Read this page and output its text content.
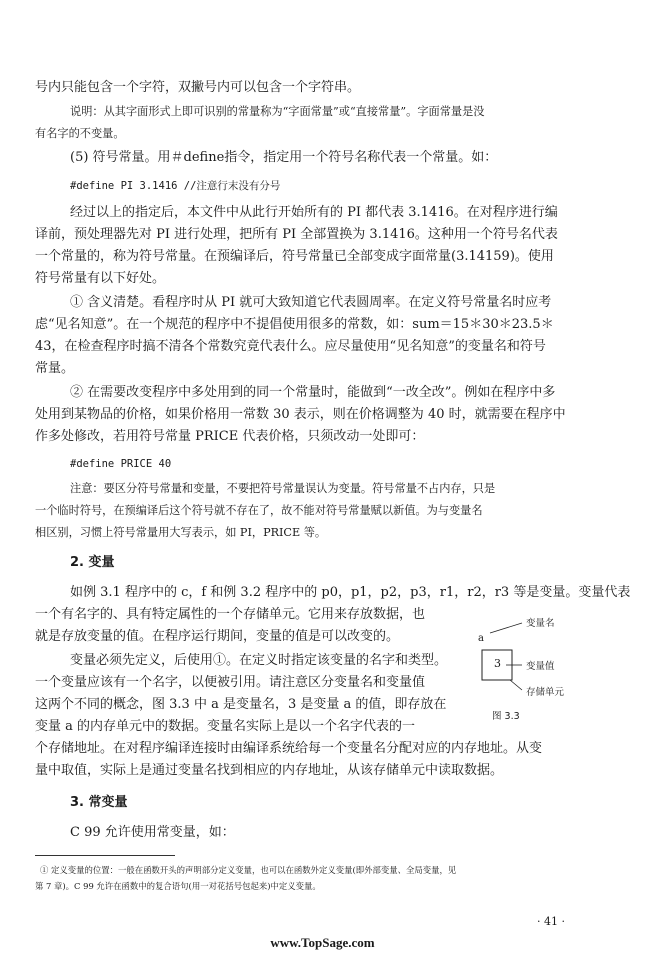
号内只能包含一个字符，双撇号内可以包含一个字符串。
说明：从其字面形式上即可识别的常量称为“字面常量”或“直接常量”。字面常量是没
有名字的不变量。
(5) 符号常量。用＃define指令，指定用一个符号名称代表一个常量。如：
#define PI 3.1416 //注意行末没有分号
经过以上的指定后，本文件中从此行开始所有的 PI 都代表 3.1416。在对程序进行编
译前，预处理器先对 PI 进行处理，把所有 PI 全部置换为 3.1416。这种用一个符号名代表
一个常量的，称为符号常量。在预编译后，符号常量已全部变成字面常量(3.14159)。使用
符号常量有以下好处。
① 含义清楚。看程序时从 PI 就可大致知道它代表圆周率。在定义符号常量名时应考
虑“见名知意”。在一个规范的程序中不提倡使用很多的常数，如：sum＝15＊30＊23.5＊
43，在检查程序时搞不清各个常数究竟代表什么。应尽量使用“见名知意”的变量名和符号
常量。
② 在需要改变程序中多处用到的同一个常量时，能做到“一改全改”。例如在程序中多
处用到某物品的价格，如果价格用一常数 30 表示，则在价格调整为 40 时，就需要在程序中
作多处修改，若用符号常量 PRICE 代表价格，只须改动一处即可：
#define PRICE 40
注意：要区分符号常量和变量，不要把符号常量误认为变量。符号常量不占内存，只是
一个临时符号，在预编译后这个符号就不存在了，故不能对符号常量赋以新值。为与变量名
相区别，习惯上符号常量用大写表示，如 PI，PRICE 等。
2. 变量
如例 3.1 程序中的 c，f 和例 3.2 程序中的 p0，p1，p2，p3，r1，r2，r3 等是变量。变量代表
一个有名字的、具有特定属性的一个存储单元。它用来存放数据，也
就是存放变量的值。在程序运行期间，变量的值是可以改变的。
变量必须先定义，后使用①。在定义时指定该变量的名字和类型。
一个变量应该有一个名字，以便被引用。请注意区分变量名和变量值
这两个不同的概念，图 3.3 中 a 是变量名，3 是变量 a 的值，即存放在
变量 a 的内存单元中的数据。变量名实际上是以一个名字代表的一
个存储地址。在对程序编译连接时由编译系统给每一个变量名分配对应的内存地址。从变
量中取值，实际上是通过变量名找到相应的内存地址，从该存储单元中读取数据。
3. 常变量
C 99 允许使用常变量，如：
① 定义变量的位置：一般在函数开头的声明部分定义变量，也可以在函数外定义变量(即外部变量、全局变量，见
第 7 章)。C 99 允许在函数中的复合语句(用一对花括号包起来)中定义变量。
a
3
变量名
变量值
存储单元
图 3.3
· 41 ·
www.TopSage.com
